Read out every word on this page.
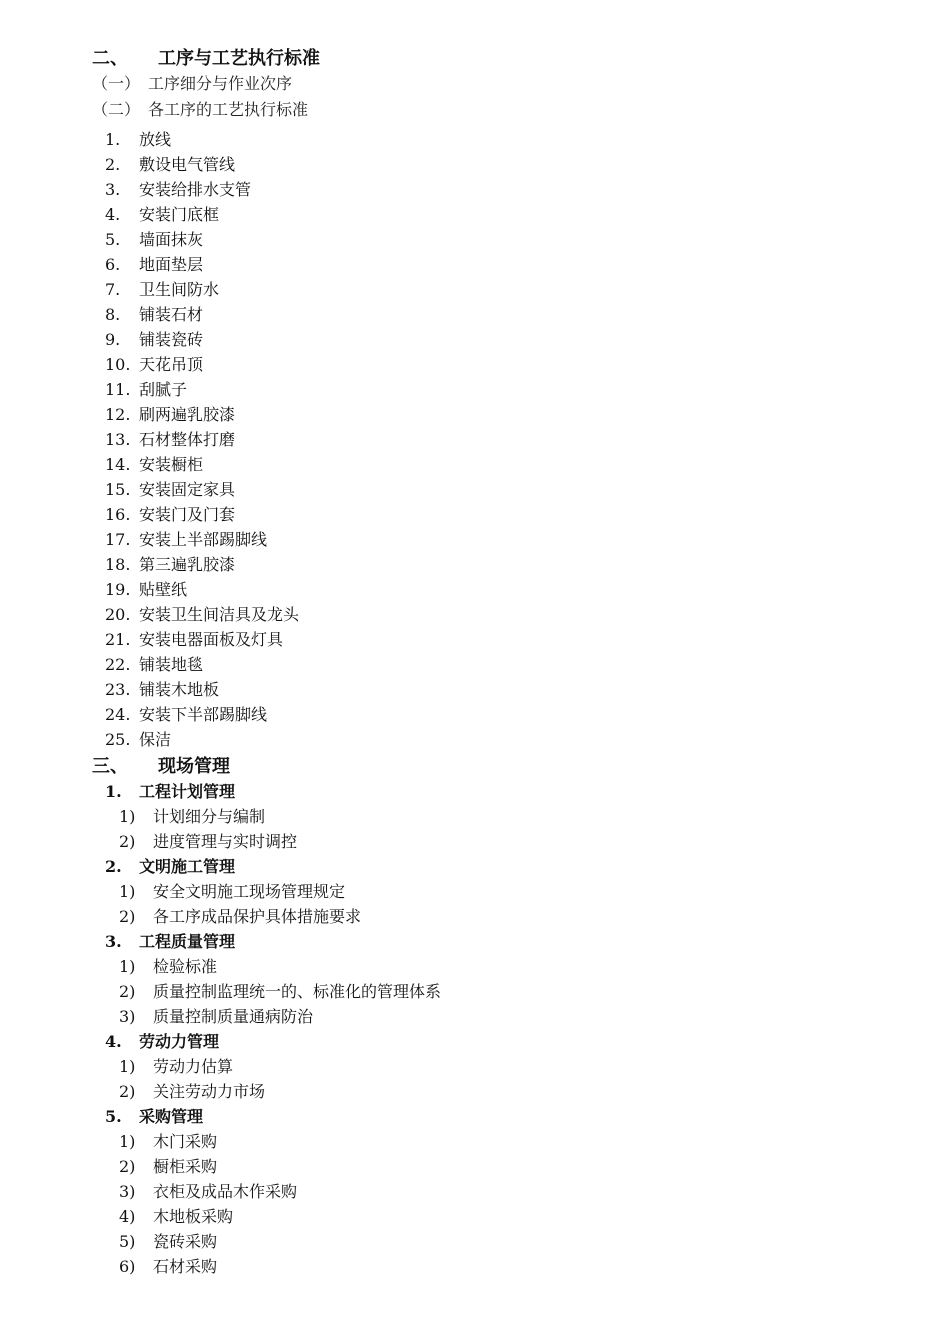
二、 工序与工艺执行标准
（一） 工序细分与作业次序
（二） 各工序的工艺执行标准
1. 放线
2. 敷设电气管线
3. 安装给排水支管
4. 安装门底框
5. 墙面抹灰
6. 地面垫层
7. 卫生间防水
8. 铺装石材
9. 铺装瓷砖
10. 天花吊顶
11. 刮腻子
12. 刷两遍乳胶漆
13. 石材整体打磨
14. 安装橱柜
15. 安装固定家具
16. 安装门及门套
17. 安装上半部踢脚线
18. 第三遍乳胶漆
19. 贴壁纸
20. 安装卫生间洁具及龙头
21. 安装电器面板及灯具
22. 铺装地毯
23. 铺装木地板
24. 安装下半部踢脚线
25. 保洁
三、 现场管理
1. 工程计划管理
1) 计划细分与编制
2) 进度管理与实时调控
2. 文明施工管理
1) 安全文明施工现场管理规定
2) 各工序成品保护具体措施要求
3. 工程质量管理
1) 检验标准
2) 质量控制监理统一的、标准化的管理体系
3) 质量控制质量通病防治
4. 劳动力管理
1) 劳动力估算
2) 关注劳动力市场
5. 采购管理
1) 木门采购
2) 橱柜采购
3) 衣柜及成品木作采购
4) 木地板采购
5) 瓷砖采购
6) 石材采购
